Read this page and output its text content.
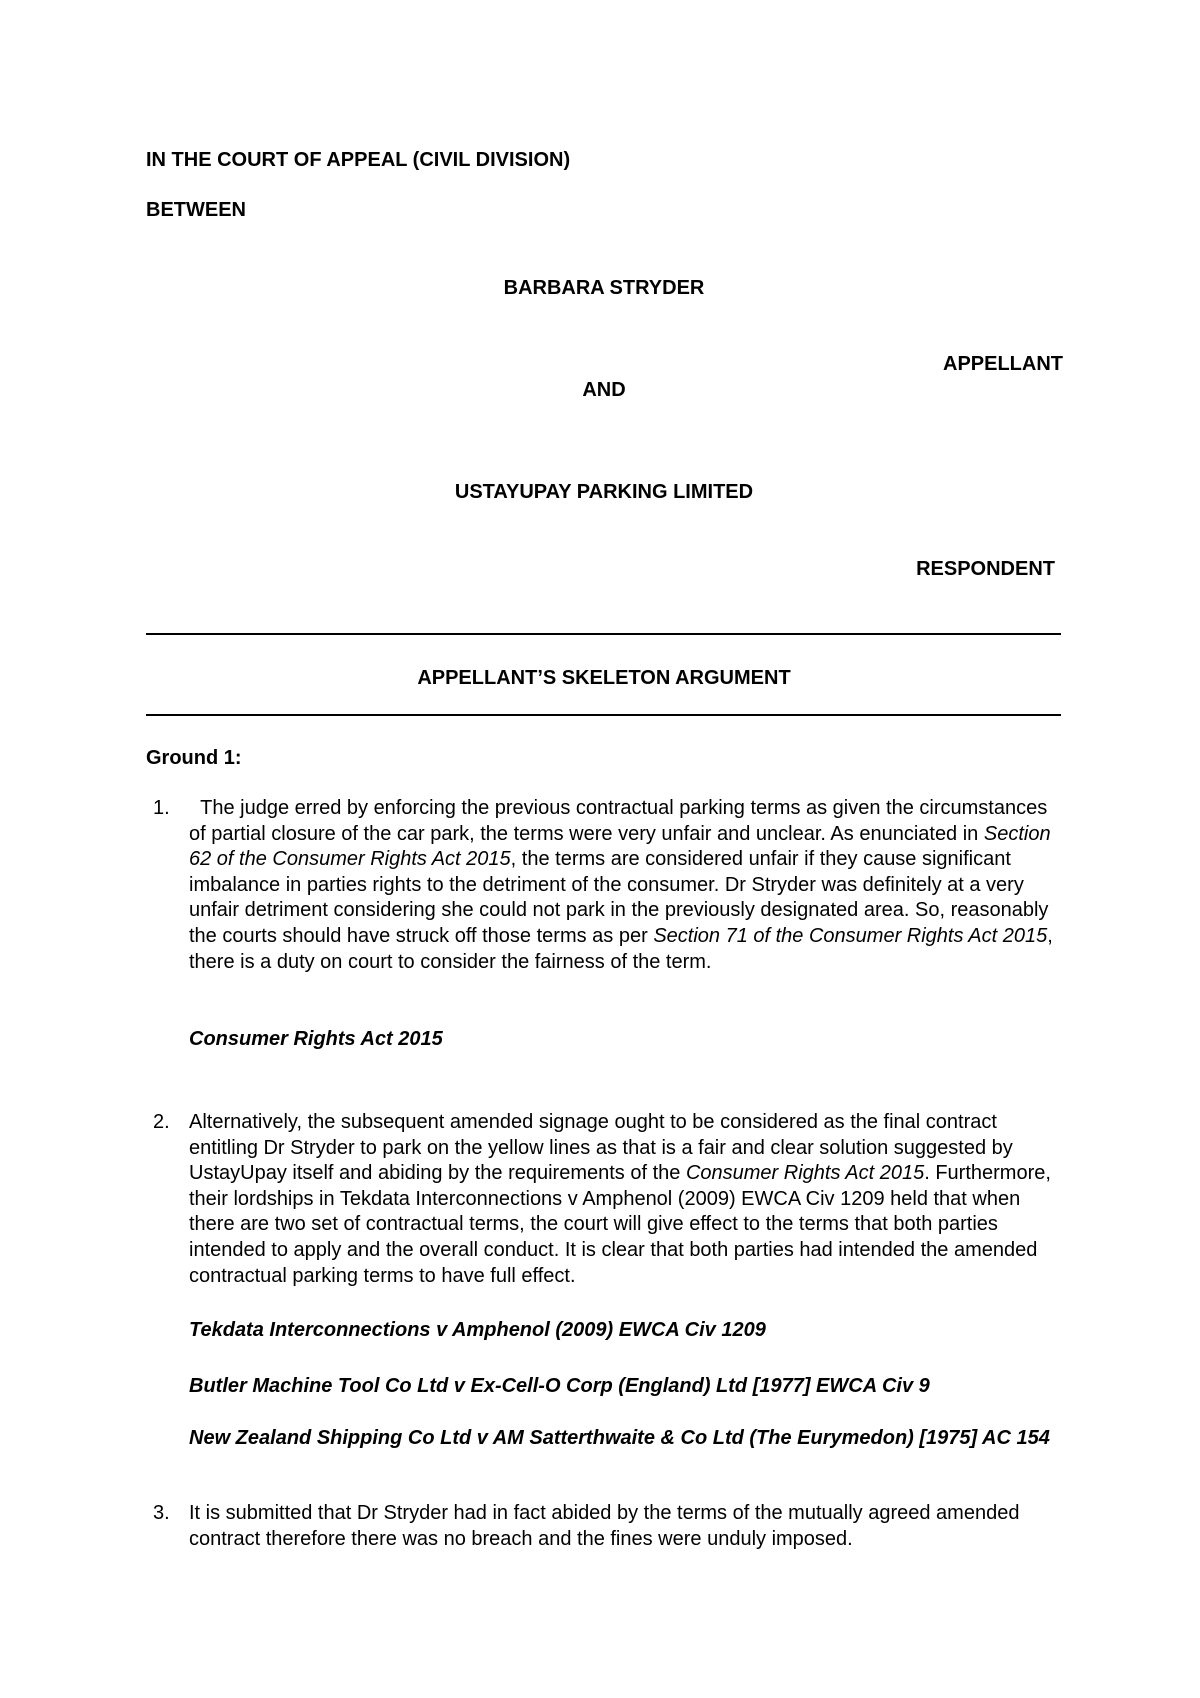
IN THE COURT OF APPEAL (CIVIL DIVISION)
BETWEEN
BARBARA STRYDER
APPELLANT
AND
USTAYUPAY PARKING LIMITED
RESPONDENT
APPELLANT’S SKELETON ARGUMENT
Ground 1:
1. The judge erred by enforcing the previous contractual parking terms as given the circumstances of partial closure of the car park, the terms were very unfair and unclear. As enunciated in Section 62 of the Consumer Rights Act 2015, the terms are considered unfair if they cause significant imbalance in parties rights to the detriment of the consumer. Dr Stryder was definitely at a very unfair detriment considering she could not park in the previously designated area. So, reasonably the courts should have struck off those terms as per Section 71 of the Consumer Rights Act 2015, there is a duty on court to consider the fairness of the term.
Consumer Rights Act 2015
2. Alternatively, the subsequent amended signage ought to be considered as the final contract entitling Dr Stryder to park on the yellow lines as that is a fair and clear solution suggested by UstayUpay itself and abiding by the requirements of the Consumer Rights Act 2015. Furthermore, their lordships in Tekdata Interconnections v Amphenol (2009) EWCA Civ 1209 held that when there are two set of contractual terms, the court will give effect to the terms that both parties intended to apply and the overall conduct. It is clear that both parties had intended the amended contractual parking terms to have full effect.
Tekdata Interconnections v Amphenol (2009) EWCA Civ 1209
Butler Machine Tool Co Ltd v Ex-Cell-O Corp (England) Ltd [1977] EWCA Civ 9
New Zealand Shipping Co Ltd v AM Satterthwaite & Co Ltd (The Eurymedon) [1975] AC 154
3. It is submitted that Dr Stryder had in fact abided by the terms of the mutually agreed amended contract therefore there was no breach and the fines were unduly imposed.
